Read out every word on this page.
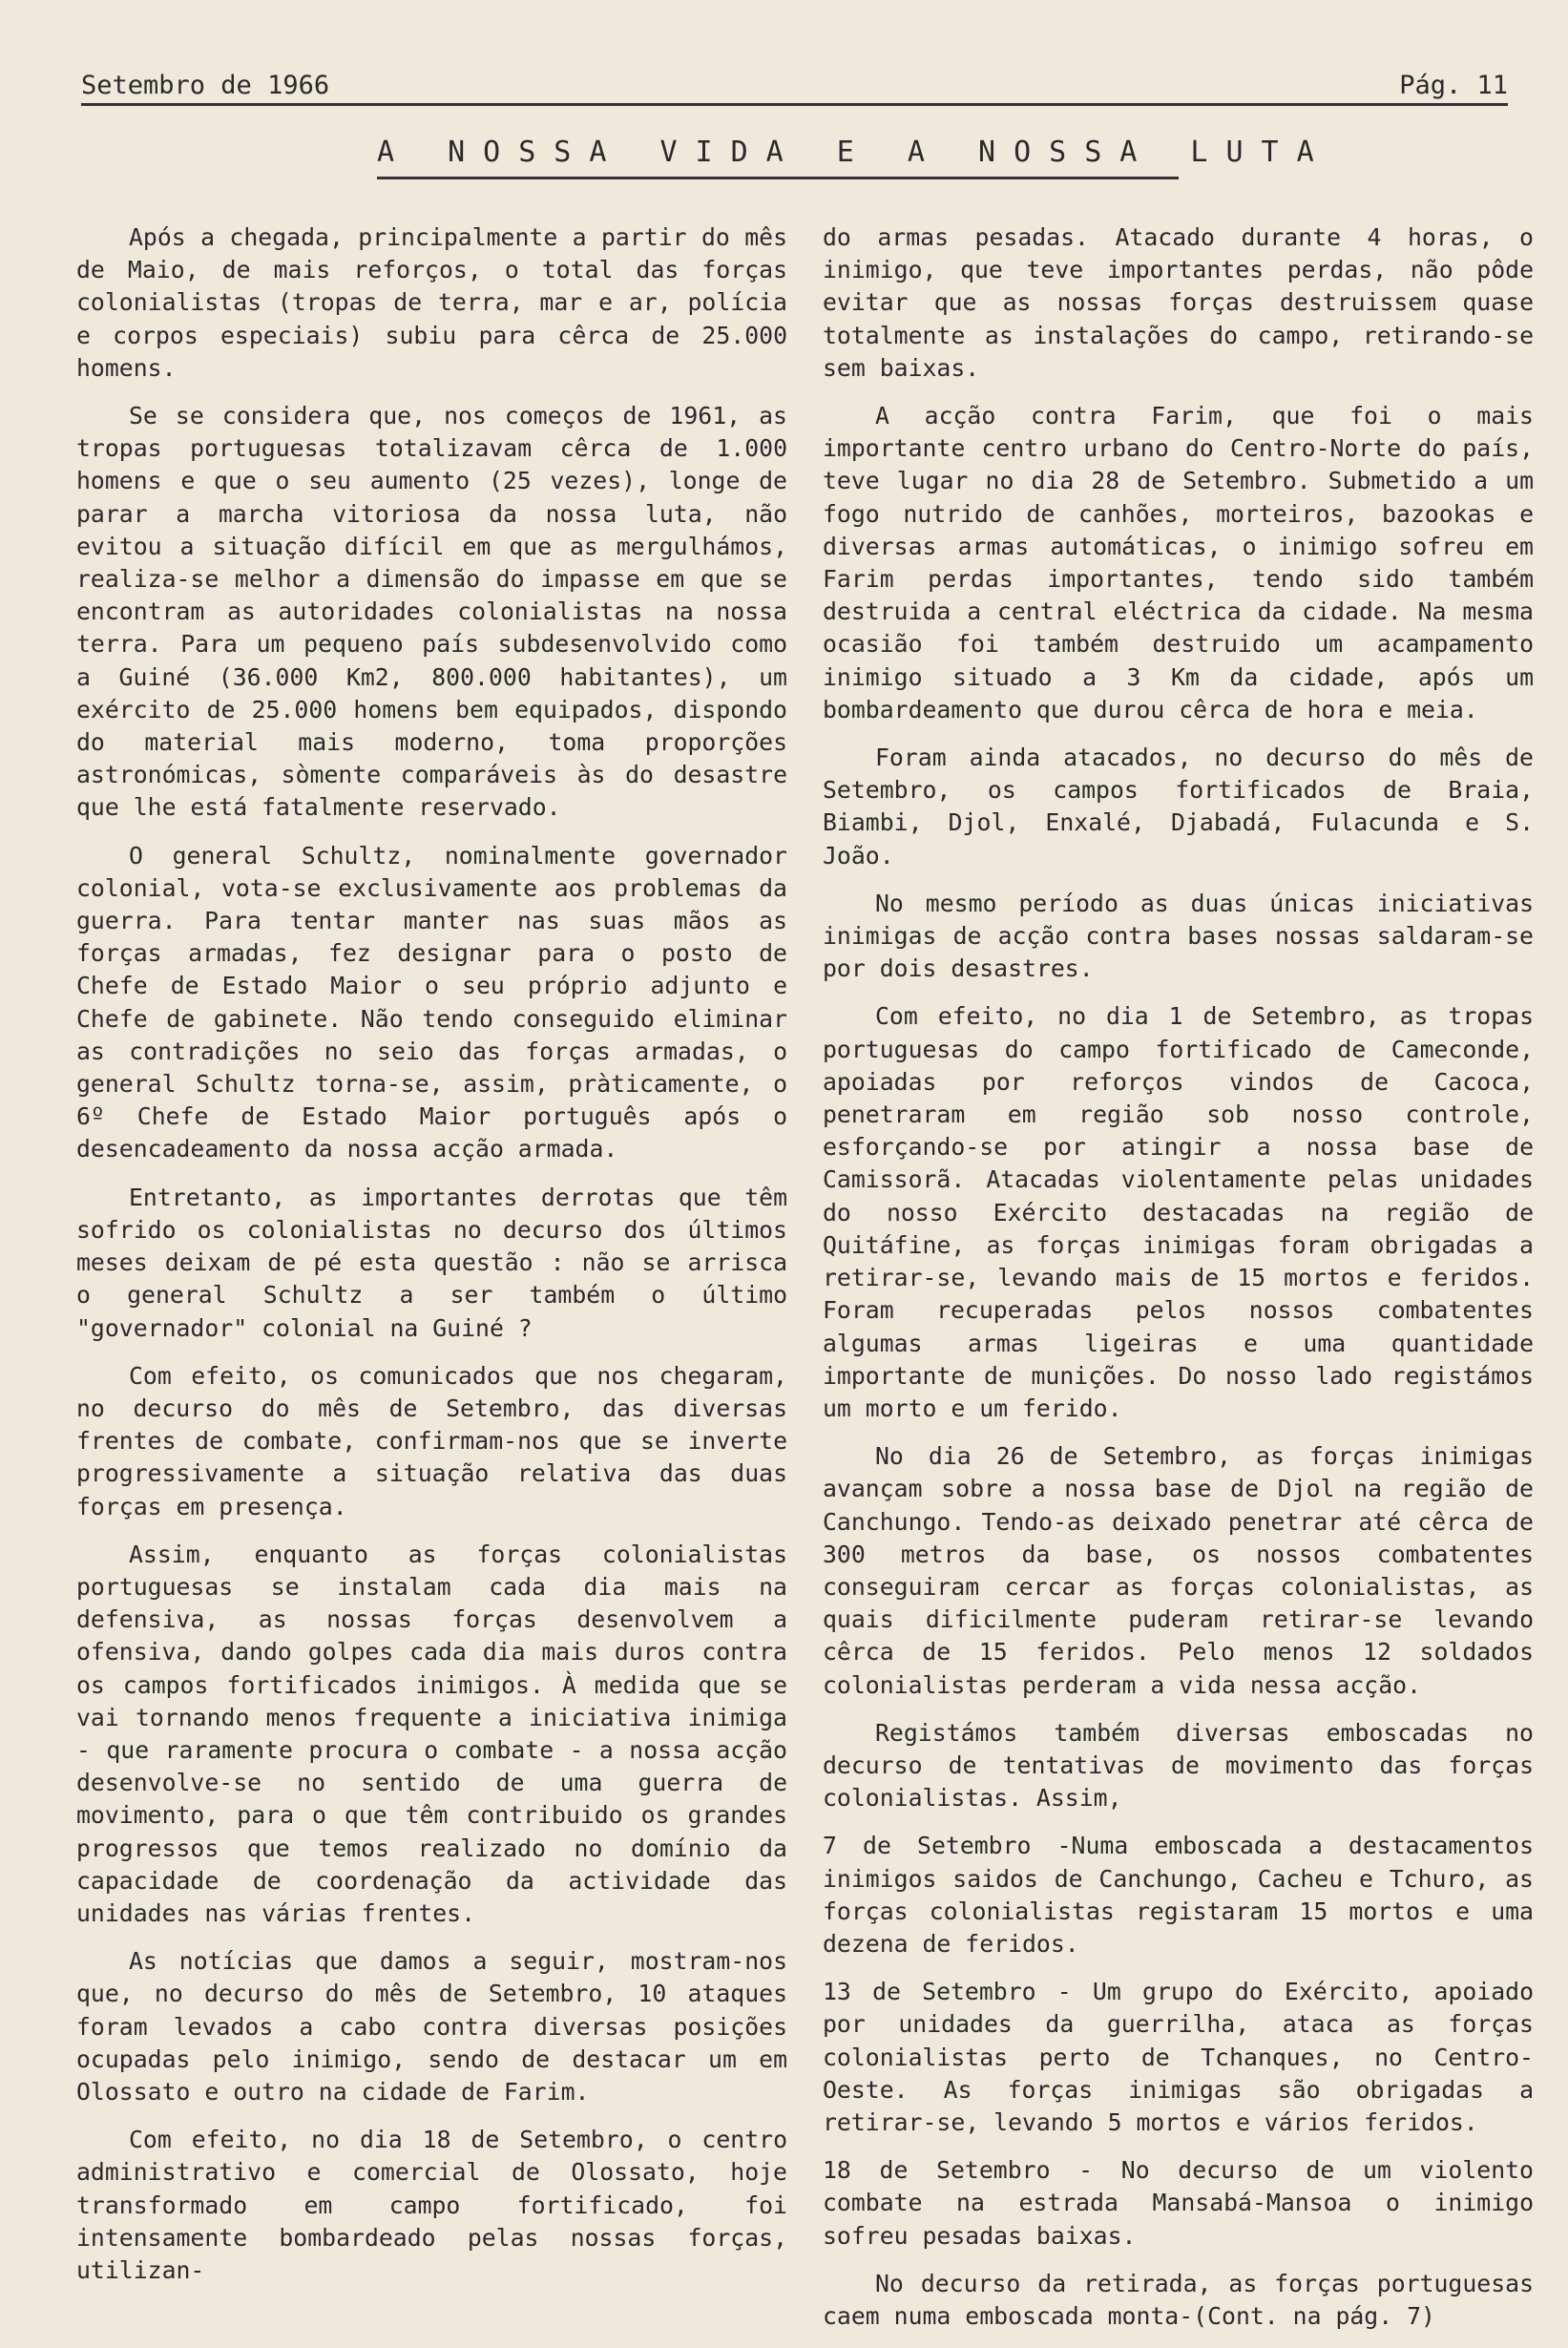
Setembro de 1966	Pág. 11
A NOSSA VIDA E A NOSSA LUTA

Após a chegada, principalmente a partir do mês de Maio, de mais reforços, o total das forças colonialistas (tropas de terra, mar e ar, polícia e corpos especiais) subiu para cêrca de 25.000 homens.

Se se considera que, nos começos de 1961, as tropas portuguesas totalizavam cêrca de 1.000 homens e que o seu aumento (25 vezes), longe de parar a marcha vitoriosa da nossa luta, não evitou a situação difícil em que as mergulhámos, realiza-se melhor a dimensão do impasse em que se encontram as autoridades colonialistas na nossa terra. Para um pequeno país subdesenvolvido como a Guiné (36.000 Km2, 800.000 habitantes), um exército de 25.000 homens bem equipados, dispondo do material mais moderno, toma proporções astronómicas, sòmente comparáveis às do desastre que lhe está fatalmente reservado.

O general Schultz, nominalmente governador colonial, vota-se exclusivamente aos problemas da guerra. Para tentar manter nas suas mãos as forças armadas, fez designar para o posto de Chefe de Estado Maior o seu próprio adjunto e Chefe de gabinete. Não tendo conseguido eliminar as contradições no seio das forças armadas, o general Schultz torna-se, assim, pràticamente, o 6º Chefe de Estado Maior português após o desencadeamento da nossa acção armada.

Entretanto, as importantes derrotas que têm sofrido os colonialistas no decurso dos últimos meses deixam de pé esta questão : não se arrisca o general Schultz a ser também o último "governador" colonial na Guiné ?

Com efeito, os comunicados que nos chegaram, no decurso do mês de Setembro, das diversas frentes de combate, confirmam-nos que se inverte progressivamente a situação relativa das duas forças em presença.

Assim, enquanto as forças colonialistas portuguesas se instalam cada dia mais na defensiva, as nossas forças desenvolvem a ofensiva, dando golpes cada dia mais duros contra os campos fortificados inimigos. À medida que se vai tornando menos frequente a iniciativa inimiga - que raramente procura o combate - a nossa acção desenvolve-se no sentido de uma guerra de movimento, para o que têm contribuido os grandes progressos que temos realizado no domínio da capacidade de coordenação da actividade das unidades nas várias frentes.

As notícias que damos a seguir, mostram-nos que, no decurso do mês de Setembro, 10 ataques foram levados a cabo contra diversas posições ocupadas pelo inimigo, sendo de destacar um em Olossato e outro na cidade de Farim.

Com efeito, no dia 18 de Setembro, o centro administrativo e comercial de Olossato, hoje transformado em campo fortificado, foi intensamente bombardeado pelas nossas forças, utilizan-

do armas pesadas. Atacado durante 4 horas, o inimigo, que teve importantes perdas, não pôde evitar que as nossas forças destruissem quase totalmente as instalações do campo, retirando-se sem baixas.

A acção contra Farim, que foi o mais importante centro urbano do Centro-Norte do país, teve lugar no dia 28 de Setembro. Submetido a um fogo nutrido de canhões, morteiros, bazookas e diversas armas automáticas, o inimigo sofreu em Farim perdas importantes, tendo sido também destruida a central eléctrica da cidade. Na mesma ocasião foi também destruido um acampamento inimigo situado a 3 Km da cidade, após um bombardeamento que durou cêrca de hora e meia.

Foram ainda atacados, no decurso do mês de Setembro, os campos fortificados de Braia, Biambi, Djol, Enxalé, Djabadá, Fulacunda e S. João.

No mesmo período as duas únicas iniciativas inimigas de acção contra bases nossas saldaram-se por dois desastres.

Com efeito, no dia 1 de Setembro, as tropas portuguesas do campo fortificado de Cameconde, apoiadas por reforços vindos de Cacoca, penetraram em região sob nosso controle, esforçando-se por atingir a nossa base de Camissorã. Atacadas violentamente pelas unidades do nosso Exército destacadas na região de Quitáfine, as forças inimigas foram obrigadas a retirar-se, levando mais de 15 mortos e feridos. Foram recuperadas pelos nossos combatentes algumas armas ligeiras e uma quantidade importante de munições. Do nosso lado registámos um morto e um ferido.

No dia 26 de Setembro, as forças inimigas avançam sobre a nossa base de Djol na região de Canchungo. Tendo-as deixado penetrar até cêrca de 300 metros da base, os nossos combatentes conseguiram cercar as forças colonialistas, as quais dificilmente puderam retirar-se levando cêrca de 15 feridos. Pelo menos 12 soldados colonialistas perderam a vida nessa acção.

Registámos também diversas emboscadas no decurso de tentativas de movimento das forças colonialistas. Assim,

7 de Setembro -Numa emboscada a destacamentos inimigos saidos de Canchungo, Cacheu e Tchuro, as forças colonialistas registaram 15 mortos e uma dezena de feridos.

13 de Setembro - Um grupo do Exército, apoiado por unidades da guerrilha, ataca as forças colonialistas perto de Tchanques, no Centro-Oeste. As forças inimigas são obrigadas a retirar-se, levando 5 mortos e vários feridos.

18 de Setembro - No decurso de um violento combate na estrada Mansabá-Mansoa o inimigo sofreu pesadas baixas.

No decurso da retirada, as forças portuguesas caem numa emboscada monta-(Cont. na pág. 7)
